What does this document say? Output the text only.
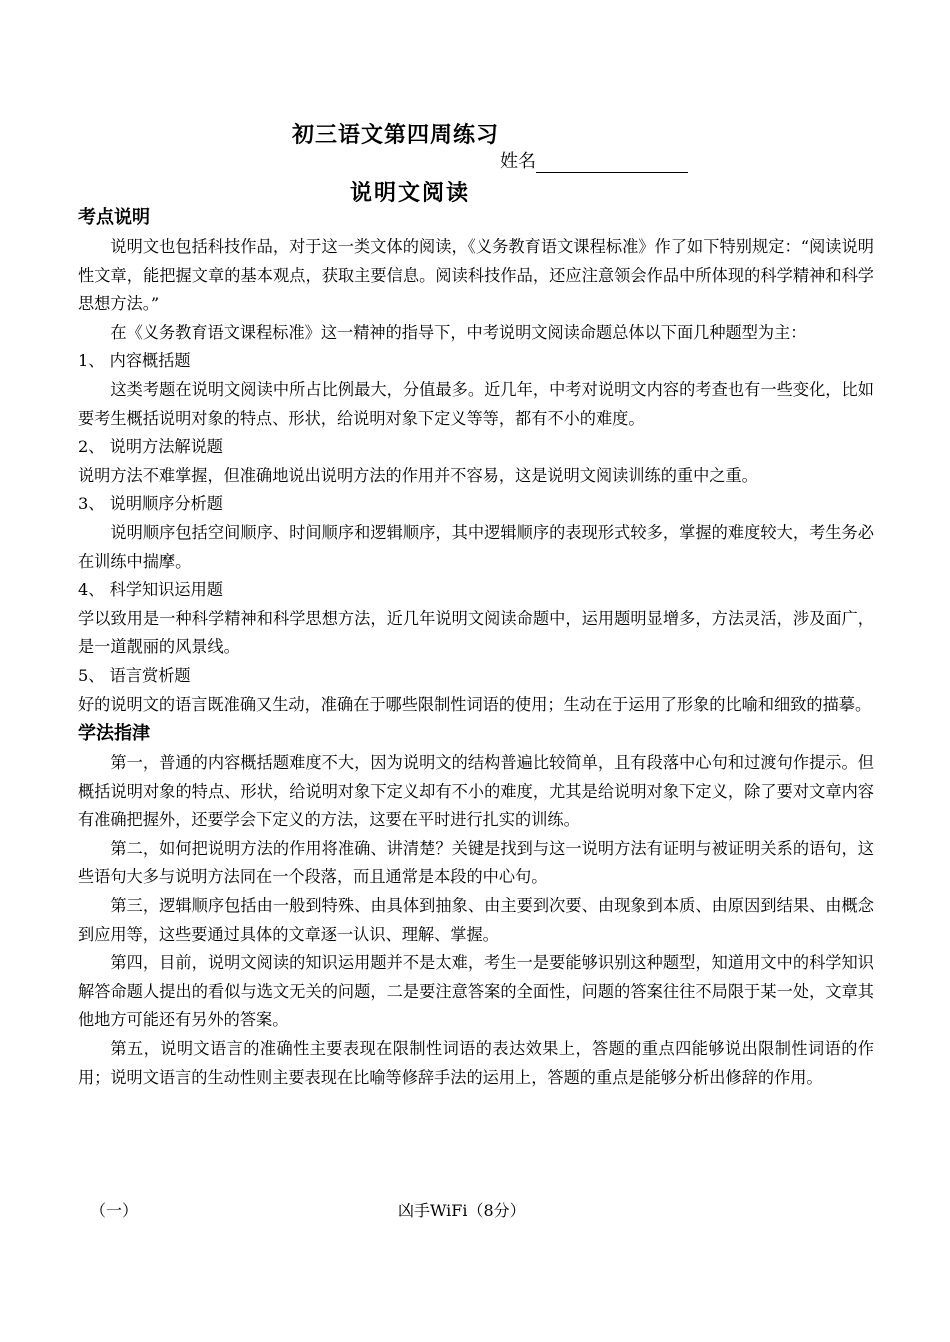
初三语文第四周练习
姓名
说明文阅读
考点说明

说明文也包括科技作品，对于这一类文体的阅读，《义务教育语文课程标准》作了如下特别规定：“阅读说明性文章，能把握文章的基本观点，获取主要信息。阅读科技作品，还应注意领会作品中所体现的科学精神和科学思想方法。”

在《义务教育语文课程标准》这一精神的指导下，中考说明文阅读命题总体以下面几种题型为主：

1、 内容概括题

这类考题在说明文阅读中所占比例最大，分值最多。近几年，中考对说明文内容的考查也有一些变化，比如要考生概括说明对象的特点、形状，给说明对象下定义等等，都有不小的难度。

2、 说明方法解说题

说明方法不难掌握，但准确地说出说明方法的作用并不容易，这是说明文阅读训练的重中之重。

3、 说明顺序分析题

说明顺序包括空间顺序、时间顺序和逻辑顺序，其中逻辑顺序的表现形式较多，掌握的难度较大，考生务必在训练中揣摩。

4、 科学知识运用题

学以致用是一种科学精神和科学思想方法，近几年说明文阅读命题中，运用题明显增多，方法灵活，涉及面广，是一道靓丽的风景线。

5、 语言赏析题

好的说明文的语言既准确又生动，准确在于哪些限制性词语的使用；生动在于运用了形象的比喻和细致的描摹。

学法指津

第一，普通的内容概括题难度不大，因为说明文的结构普遍比较简单，且有段落中心句和过渡句作提示。但概括说明对象的特点、形状，给说明对象下定义却有不小的难度，尤其是给说明对象下定义，除了要对文章内容有准确把握外，还要学会下定义的方法，这要在平时进行扎实的训练。

第二，如何把说明方法的作用将准确、讲清楚？关键是找到与这一说明方法有证明与被证明关系的语句，这些语句大多与说明方法同在一个段落，而且通常是本段的中心句。

第三，逻辑顺序包括由一般到特殊、由具体到抽象、由主要到次要、由现象到本质、由原因到结果、由概念到应用等，这些要通过具体的文章逐一认识、理解、掌握。

第四，目前，说明文阅读的知识运用题并不是太难，考生一是要能够识别这种题型，知道用文中的科学知识解答命题人提出的看似与选文无关的问题，二是要注意答案的全面性，问题的答案往往不局限于某一处，文章其他地方可能还有另外的答案。

第五，说明文语言的准确性主要表现在限制性词语的表达效果上，答题的重点四能够说出限制性词语的作用；说明文语言的生动性则主要表现在比喻等修辞手法的运用上，答题的重点是能够分析出修辞的作用。

（一）	凶手WiFi（8分）
